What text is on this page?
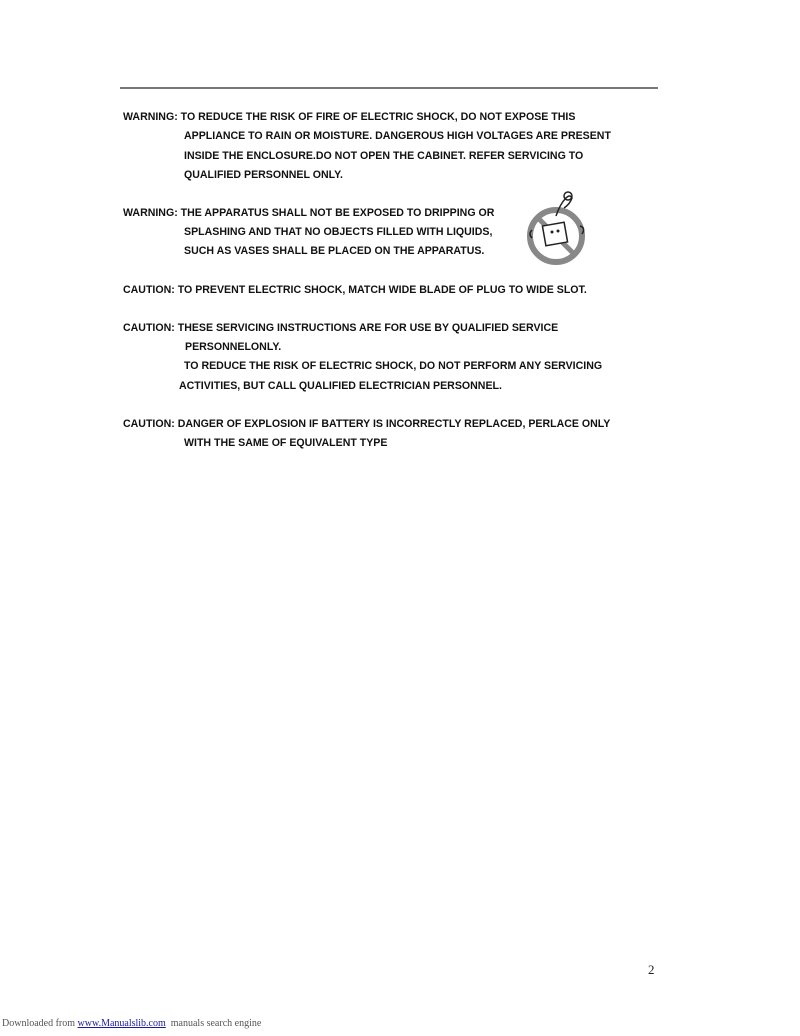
WARNING: TO REDUCE THE RISK OF FIRE OF ELECTRIC SHOCK, DO NOT EXPOSE THIS
APPLIANCE TO RAIN OR MOISTURE. DANGEROUS HIGH VOLTAGES ARE PRESENT
INSIDE THE ENCLOSURE.DO NOT OPEN THE CABINET. REFER SERVICING TO
QUALIFIED PERSONNEL ONLY.
WARNING: THE APPARATUS SHALL NOT BE EXPOSED TO DRIPPING OR
SPLASHING AND THAT NO OBJECTS FILLED WITH LIQUIDS,
SUCH AS VASES SHALL BE PLACED ON THE APPARATUS.
CAUTION: TO PREVENT ELECTRIC SHOCK, MATCH WIDE BLADE OF PLUG TO WIDE SLOT.
CAUTION: THESE SERVICING INSTRUCTIONS ARE FOR USE BY QUALIFIED SERVICE
PERSONNELONLY.
TO REDUCE THE RISK OF ELECTRIC SHOCK, DO NOT PERFORM ANY SERVICING
ACTIVITIES, BUT CALL QUALIFIED ELECTRICIAN PERSONNEL.
CAUTION: DANGER OF EXPLOSION IF BATTERY IS INCORRECTLY REPLACED, PERLACE ONLY
WITH THE SAME OF EQUIVALENT TYPE
2
Downloaded from www.Manualslib.com  manuals search engine
